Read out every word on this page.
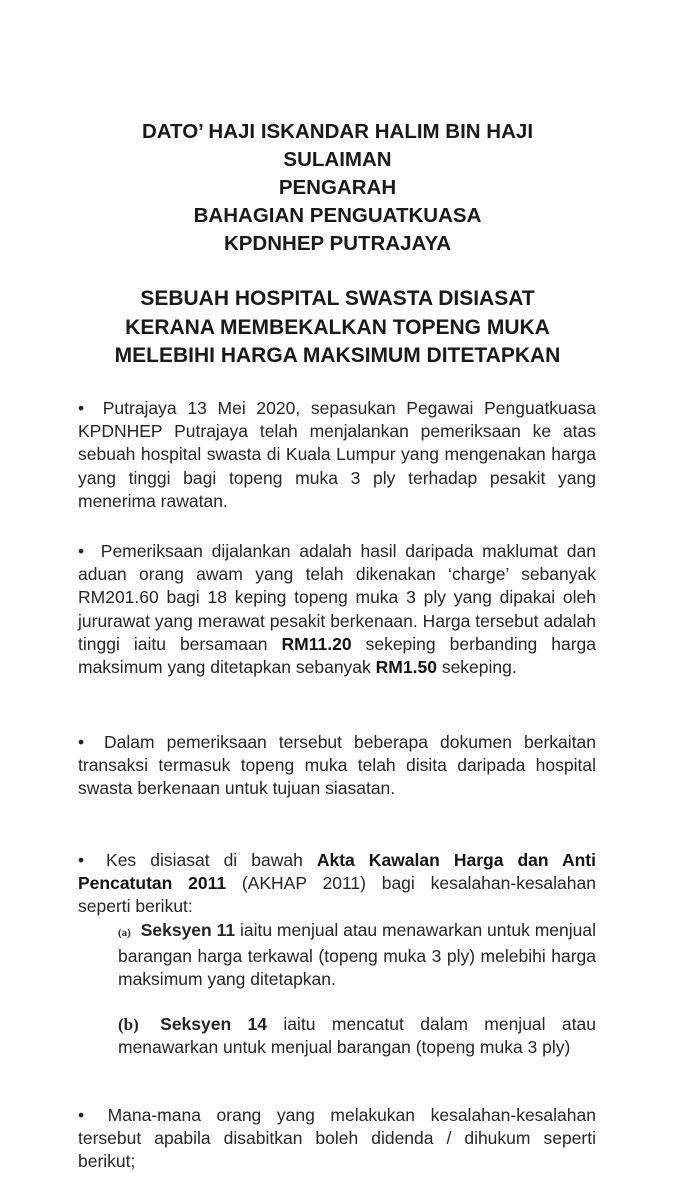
DATO’ HAJI ISKANDAR HALIM BIN HAJI
SULAIMAN
PENGARAH
BAHAGIAN PENGUATKUASA
KPDNHEP PUTRAJAYA
SEBUAH HOSPITAL SWASTA DISIASAT
KERANA MEMBEKALKAN TOPENG MUKA
MELEBIHI HARGA MAKSIMUM DITETAPKAN
• Putrajaya 13 Mei 2020, sepasukan Pegawai Penguatkuasa KPDNHEP Putrajaya telah menjalankan pemeriksaan ke atas sebuah hospital swasta di Kuala Lumpur yang mengenakan harga yang tinggi bagi topeng muka 3 ply terhadap pesakit yang menerima rawatan.
• Pemeriksaan dijalankan adalah hasil daripada maklumat dan aduan orang awam yang telah dikenakan ‘charge’ sebanyak RM201.60 bagi 18 keping topeng muka 3 ply yang dipakai oleh jururawat yang merawat pesakit berkenaan. Harga tersebut adalah tinggi iaitu bersamaan RM11.20 sekeping berbanding harga maksimum yang ditetapkan sebanyak RM1.50 sekeping.
• Dalam pemeriksaan tersebut beberapa dokumen berkaitan transaksi termasuk topeng muka telah disita daripada hospital swasta berkenaan untuk tujuan siasatan.
• Kes disiasat di bawah Akta Kawalan Harga dan Anti Pencatutan 2011 (AKHAP 2011) bagi kesalahan-kesalahan seperti berikut:
(a) Seksyen 11 iaitu menjual atau menawarkan untuk menjual barangan harga terkawal (topeng muka 3 ply) melebihi harga maksimum yang ditetapkan.
(b) Seksyen 14 iaitu mencatut dalam menjual atau menawarkan untuk menjual barangan (topeng muka 3 ply)
• Mana-mana orang yang melakukan kesalahan-kesalahan tersebut apabila disabitkan boleh didenda / dihukum seperti berikut;
